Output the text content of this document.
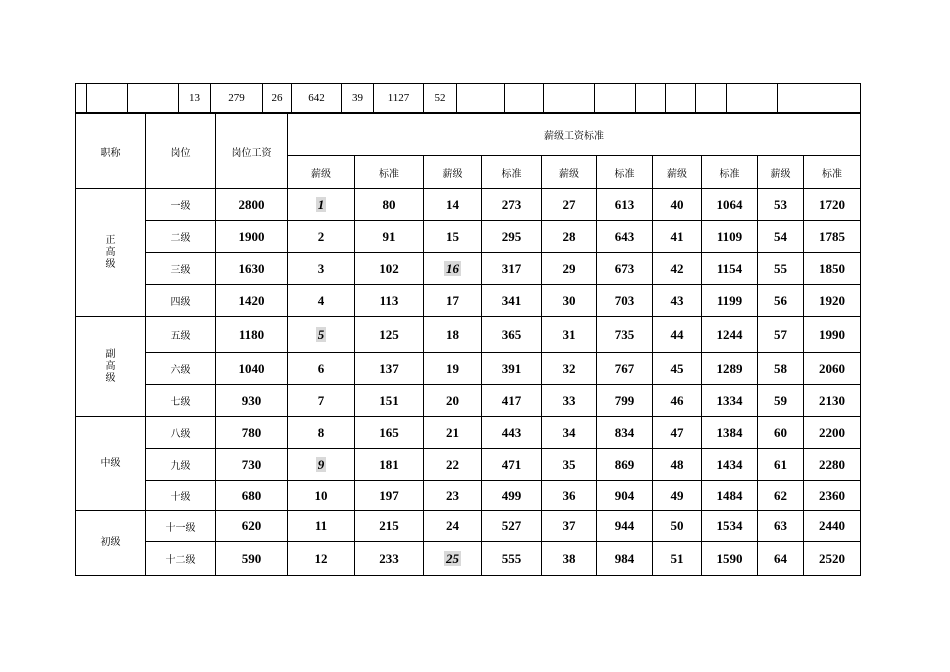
			13	279	26	642	39	1127	52									
职称	岗位	岗位工资	薪级工资标准									
			薪级	标准	薪级	标准	薪级	标准	薪级	标准	薪级	标准

正
高
级	一级	2800	1	80	14	273	27	613	40	1064	53	1720
	二级	1900	2	91	15	295	28	643	41	1109	54	1785
	三级	1630	3	102	16	317	29	673	42	1154	55	1850
	四级	1420	4	113	17	341	30	703	43	1199	56	1920

副
高
级	五级	1180	5	125	18	365	31	735	44	1244	57	1990
	六级	1040	6	137	19	391	32	767	45	1289	58	2060
	七级	930	7	151	20	417	33	799	46	1334	59	2130

中级	八级	780	8	165	21	443	34	834	47	1384	60	2200
	九级	730	9	181	22	471	35	869	48	1434	61	2280
	十级	680	10	197	23	499	36	904	49	1484	62	2360

初级	十一级	620	11	215	24	527	37	944	50	1534	63	2440
	十二级	590	12	233	25	555	38	984	51	1590	64	2520
